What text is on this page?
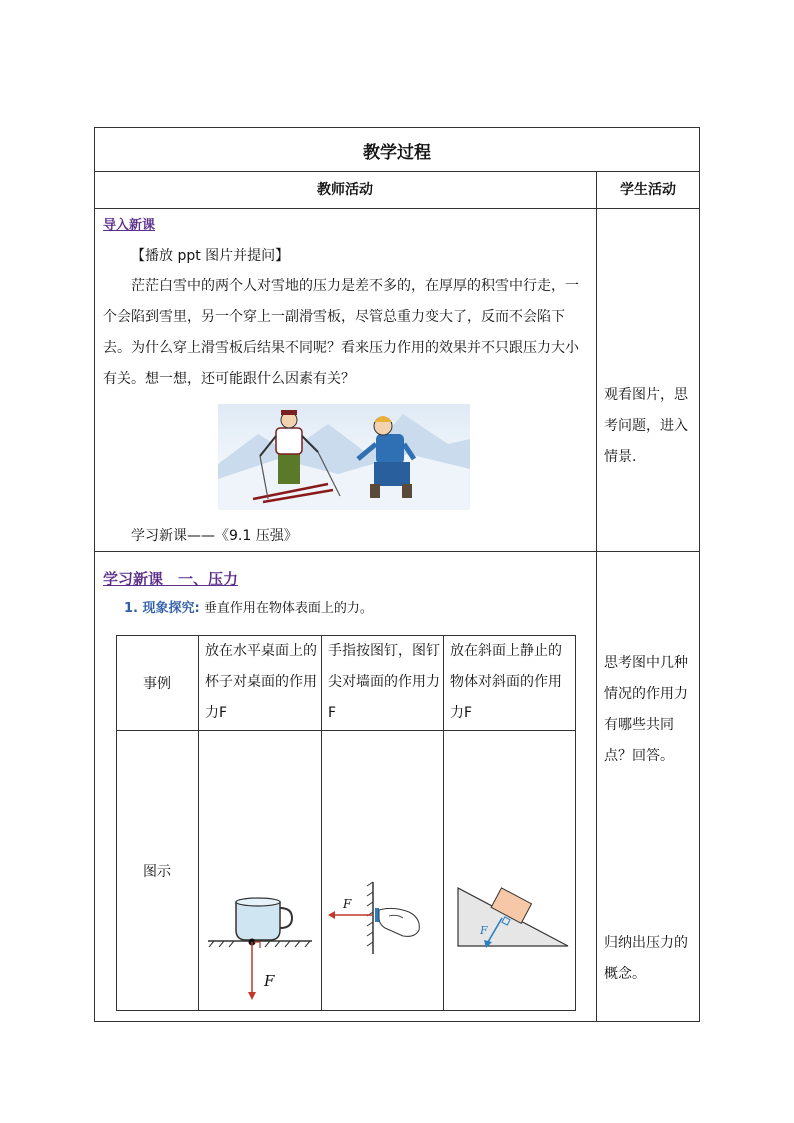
教学过程
教师活动	学生活动
导入新课
【播放 ppt 图片并提问】
茫茫白雪中的两个人对雪地的压力是差不多的，在厚厚的积雪中行走，一个会陷到雪里，另一个穿上一副滑雪板，尽管总重力变大了，反而不会陷下去。为什么穿上滑雪板后结果不同呢？看来压力作用的效果并不只跟压力大小有关。想一想，还可能跟什么因素有关？
学习新课——《9.1 压强》
观看图片，思考问题，进入情景.
学习新课　一、压力
1. 现象探究: 垂直作用在物体表面上的力。
事例
图示
放在水平桌面上的杯子对桌面的作用力F
手指按图钉，图钉尖对墙面的作用力F
放在斜面上静止的物体对斜面的作用力F
F
F
F
思考图中几种情况的作用力有哪些共同点？回答。
归纳出压力的概念。
